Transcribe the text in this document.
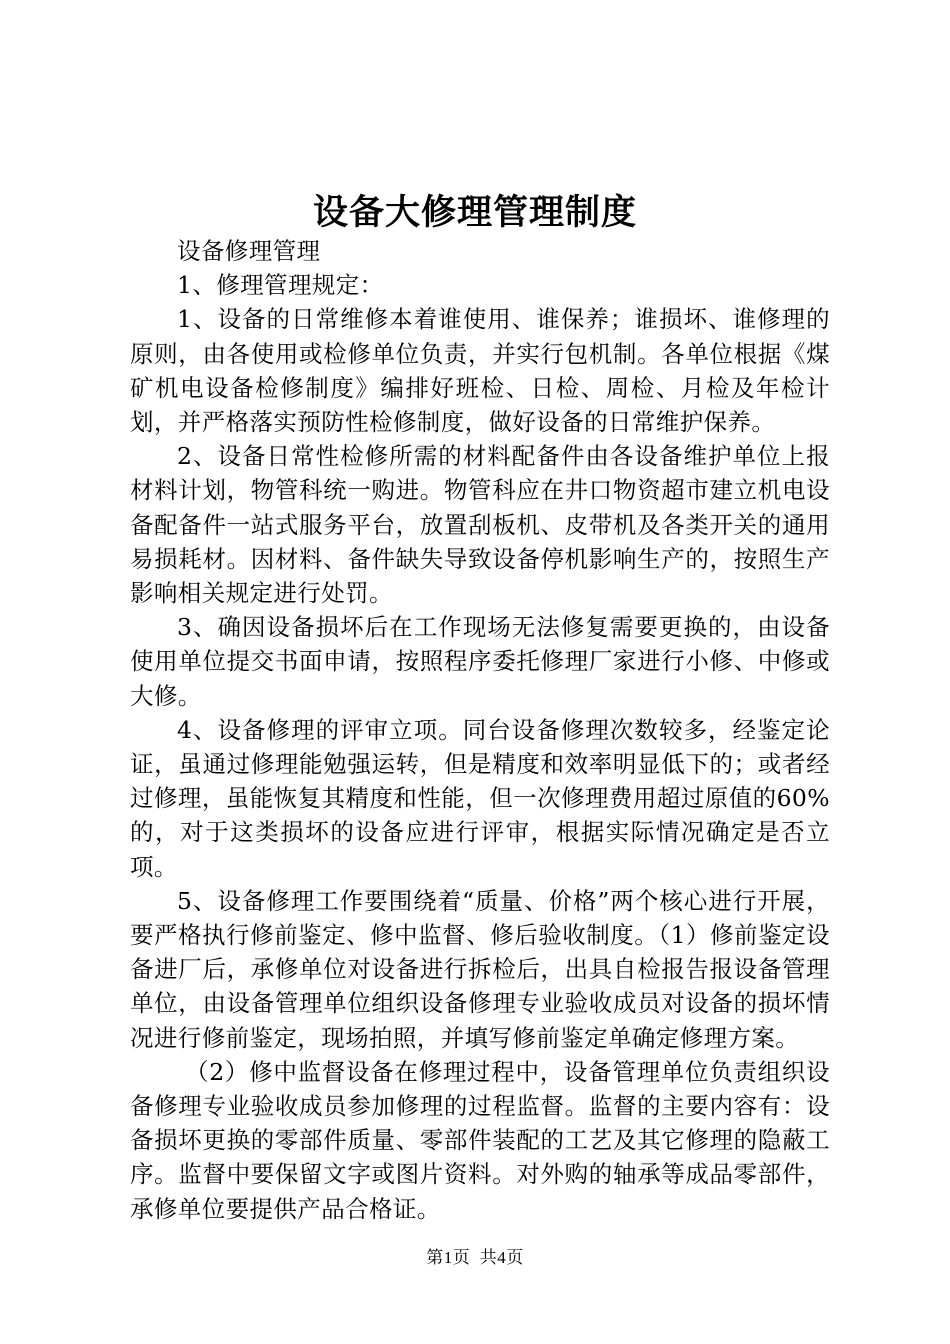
设备大修理管理制度

设备修理管理

1、修理管理规定：

1、设备的日常维修本着谁使用、谁保养；谁损坏、谁修理的原则，由各使用或检修单位负责，并实行包机制。各单位根据《煤矿机电设备检修制度》编排好班检、日检、周检、月检及年检计划，并严格落实预防性检修制度，做好设备的日常维护保养。

2、设备日常性检修所需的材料配备件由各设备维护单位上报材料计划，物管科统一购进。物管科应在井口物资超市建立机电设备配备件一站式服务平台，放置刮板机、皮带机及各类开关的通用易损耗材。因材料、备件缺失导致设备停机影响生产的，按照生产影响相关规定进行处罚。

3、确因设备损坏后在工作现场无法修复需要更换的，由设备使用单位提交书面申请，按照程序委托修理厂家进行小修、中修或大修。

4、设备修理的评审立项。同台设备修理次数较多，经鉴定论证，虽通过修理能勉强运转，但是精度和效率明显低下的；或者经过修理，虽能恢复其精度和性能，但一次修理费用超过原值的60%的，对于这类损坏的设备应进行评审，根据实际情况确定是否立项。

5、设备修理工作要围绕着“质量、价格”两个核心进行开展，要严格执行修前鉴定、修中监督、修后验收制度。（1）修前鉴定设备进厂后，承修单位对设备进行拆检后，出具自检报告报设备管理单位，由设备管理单位组织设备修理专业验收成员对设备的损坏情况进行修前鉴定，现场拍照，并填写修前鉴定单确定修理方案。

（2）修中监督设备在修理过程中，设备管理单位负责组织设备修理专业验收成员参加修理的过程监督。监督的主要内容有：设备损坏更换的零部件质量、零部件装配的工艺及其它修理的隐蔽工序。监督中要保留文字或图片资料。对外购的轴承等成品零部件，承修单位要提供产品合格证。

第1页 共4页
